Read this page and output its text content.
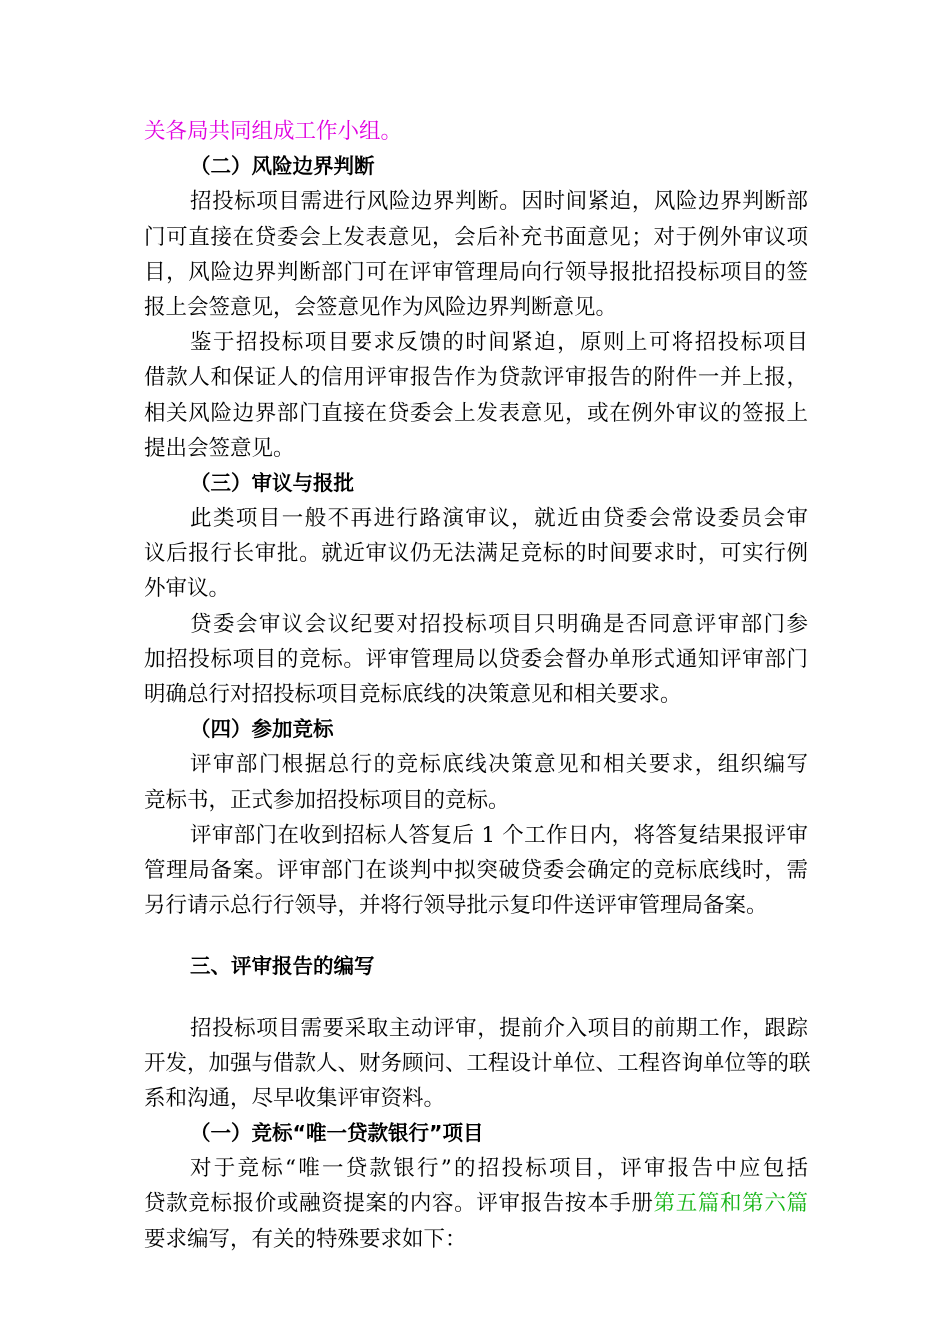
关各局共同组成工作小组。
（二）风险边界判断
招投标项目需进行风险边界判断。因时间紧迫，风险边界判断部
门可直接在贷委会上发表意见，会后补充书面意见；对于例外审议项
目，风险边界判断部门可在评审管理局向行领导报批招投标项目的签
报上会签意见，会签意见作为风险边界判断意见。
鉴于招投标项目要求反馈的时间紧迫，原则上可将招投标项目
借款人和保证人的信用评审报告作为贷款评审报告的附件一并上报，
相关风险边界部门直接在贷委会上发表意见，或在例外审议的签报上
提出会签意见。
（三）审议与报批
此类项目一般不再进行路演审议，就近由贷委会常设委员会审
议后报行长审批。就近审议仍无法满足竞标的时间要求时，可实行例
外审议。
贷委会审议会议纪要对招投标项目只明确是否同意评审部门参
加招投标项目的竞标。评审管理局以贷委会督办单形式通知评审部门
明确总行对招投标项目竞标底线的决策意见和相关要求。
（四）参加竞标
评审部门根据总行的竞标底线决策意见和相关要求，组织编写
竞标书，正式参加招投标项目的竞标。
评审部门在收到招标人答复后 1 个工作日内，将答复结果报评审
管理局备案。评审部门在谈判中拟突破贷委会确定的竞标底线时，需
另行请示总行行领导，并将行领导批示复印件送评审管理局备案。
三、评审报告的编写
招投标项目需要采取主动评审，提前介入项目的前期工作，跟踪
开发，加强与借款人、财务顾问、工程设计单位、工程咨询单位等的联
系和沟通，尽早收集评审资料。
（一）竞标“唯一贷款银行”项目
对于竞标“唯一贷款银行”的招投标项目，评审报告中应包括
贷款竞标报价或融资提案的内容。评审报告按本手册第五篇和第六篇
要求编写，有关的特殊要求如下：
